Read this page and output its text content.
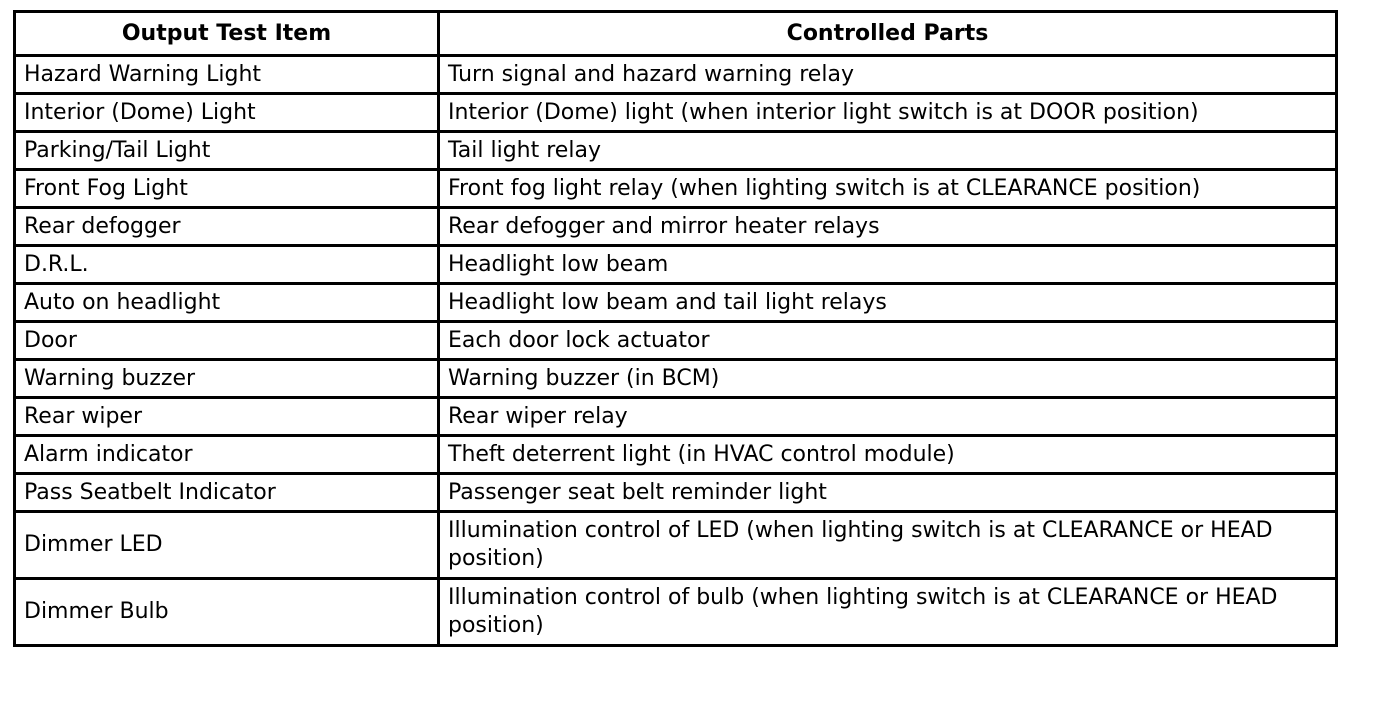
Output Test Item	Controlled Parts
Hazard Warning Light	Turn signal and hazard warning relay
Interior (Dome) Light	Interior (Dome) light (when interior light switch is at DOOR position)
Parking/Tail Light	Tail light relay
Front Fog Light	Front fog light relay (when lighting switch is at CLEARANCE position)
Rear defogger	Rear defogger and mirror heater relays
D.R.L.	Headlight low beam
Auto on headlight	Headlight low beam and tail light relays
Door	Each door lock actuator
Warning buzzer	Warning buzzer (in BCM)
Rear wiper	Rear wiper relay
Alarm indicator	Theft deterrent light (in HVAC control module)
Pass Seatbelt Indicator	Passenger seat belt reminder light
Dimmer LED	Illumination control of LED (when lighting switch is at CLEARANCE or HEAD position)
Dimmer Bulb	Illumination control of bulb (when lighting switch is at CLEARANCE or HEAD position)
